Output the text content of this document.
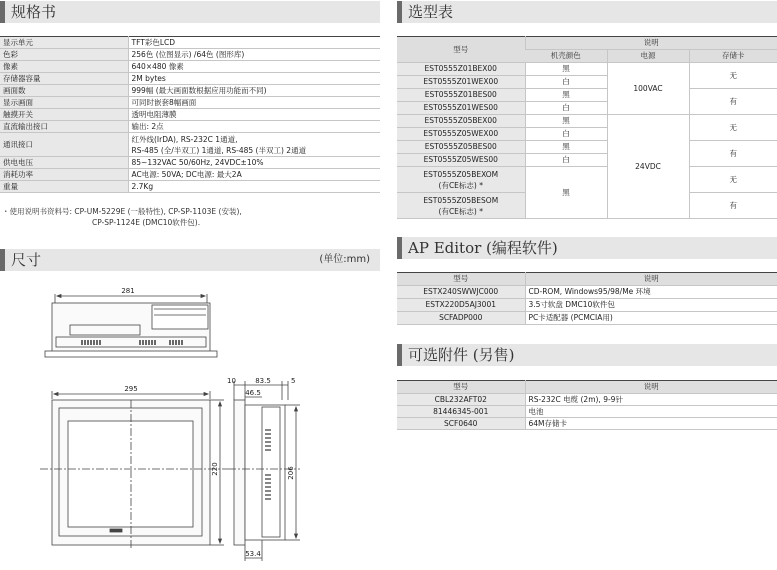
规格书
显示单元	TFT彩色LCD
色彩	256色 (位图显示) /64色 (图形库)
像素	640×480 像素
存储器容量	2M bytes
画面数	999幅 (最大画面数根据应用功能而不同)
显示画面	可同时嵌套8幅画面
触摸开关	透明电阻薄膜
直流输出接口	输出: 2点
通讯接口	红外线(IrDA), RS-232C 1通道,
RS-485 (全/半双工) 1通道, RS-485 (半双工) 2通道

供电电压	85~132VAC 50/60Hz, 24VDC±10%
消耗功率	AC电源: 50VA; DC电源: 最大2A
重量	2.7Kg
・使用说明书资料号: CP-UM-5229E (一般特性), CP-SP-1103E (安装),
CP-SP-1124E (DMC10软件包).
尺寸	(单位:mm)
281
295
220
10	83.5	5
46.5
206
53.4
选型表
型号	说明		
	机壳颜色	电源	存储卡
EST0555Z01BEX00	黑	100VAC	无
EST0555Z01WEX00	白		
EST0555Z01BES00	黑		有
EST0555Z01WES00	白		
EST0555Z05BEX00	黑	24VDC	无
EST0555Z05WEX00	白		
EST0555Z05BES00	黑		有
EST0555Z05WES00	白		

EST0555Z05BEXOM
(有CE标志) *	黑		无

EST0555Z05BESOM
(有CE标志) *			有
AP Editor (编程软件)
型号	说明
ESTX240SWWJC000	CD-ROM, Windows95/98/Me 环境
ESTX220D5AJ3001	3.5寸软盘 DMC10软件包
SCFADP000	PC卡适配器 (PCMCIA用)
可选附件 (另售)
型号	说明
CBL232AFT02	RS-232C 电缆 (2m), 9-9针
81446345-001	电池
SCF0640	64M存储卡
